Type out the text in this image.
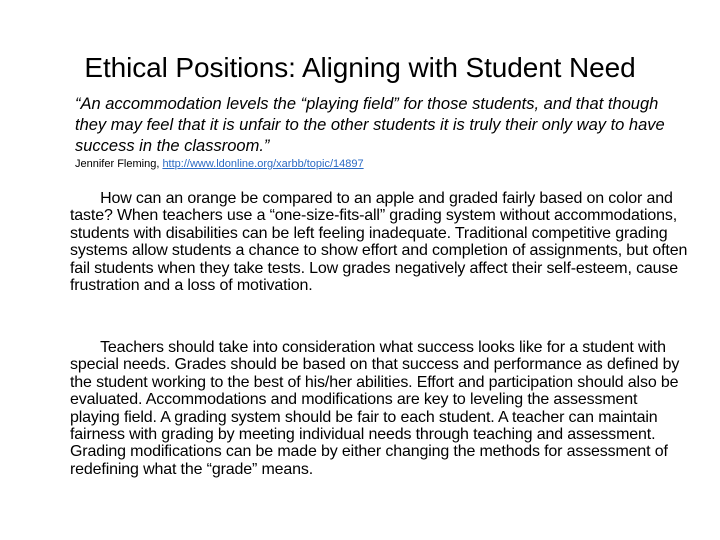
Ethical Positions: Aligning with Student Need

“An accommodation levels the “playing field” for those students, and that though they may feel that it is unfair to the other students it is truly their only way to have success in the classroom.”

Jennifer Fleming, http://www.ldonline.org/xarbb/topic/14897

How can an orange be compared to an apple and graded fairly based on color and taste? When teachers use a “one-size-fits-all” grading system without accommodations, students with disabilities can be left feeling inadequate. Traditional competitive grading systems allow students a chance to show effort and completion of assignments, but often fail students when they take tests. Low grades negatively affect their self-esteem, cause frustration and a loss of motivation.

Teachers should take into consideration what success looks like for a student with special needs. Grades should be based on that success and performance as defined by the student working to the best of his/her abilities. Effort and participation should also be evaluated. Accommodations and modifications are key to leveling the assessment playing field. A grading system should be fair to each student. A teacher can maintain fairness with grading by meeting individual needs through teaching and assessment. Grading modifications can be made by either changing the methods for assessment of redefining what the “grade” means.
